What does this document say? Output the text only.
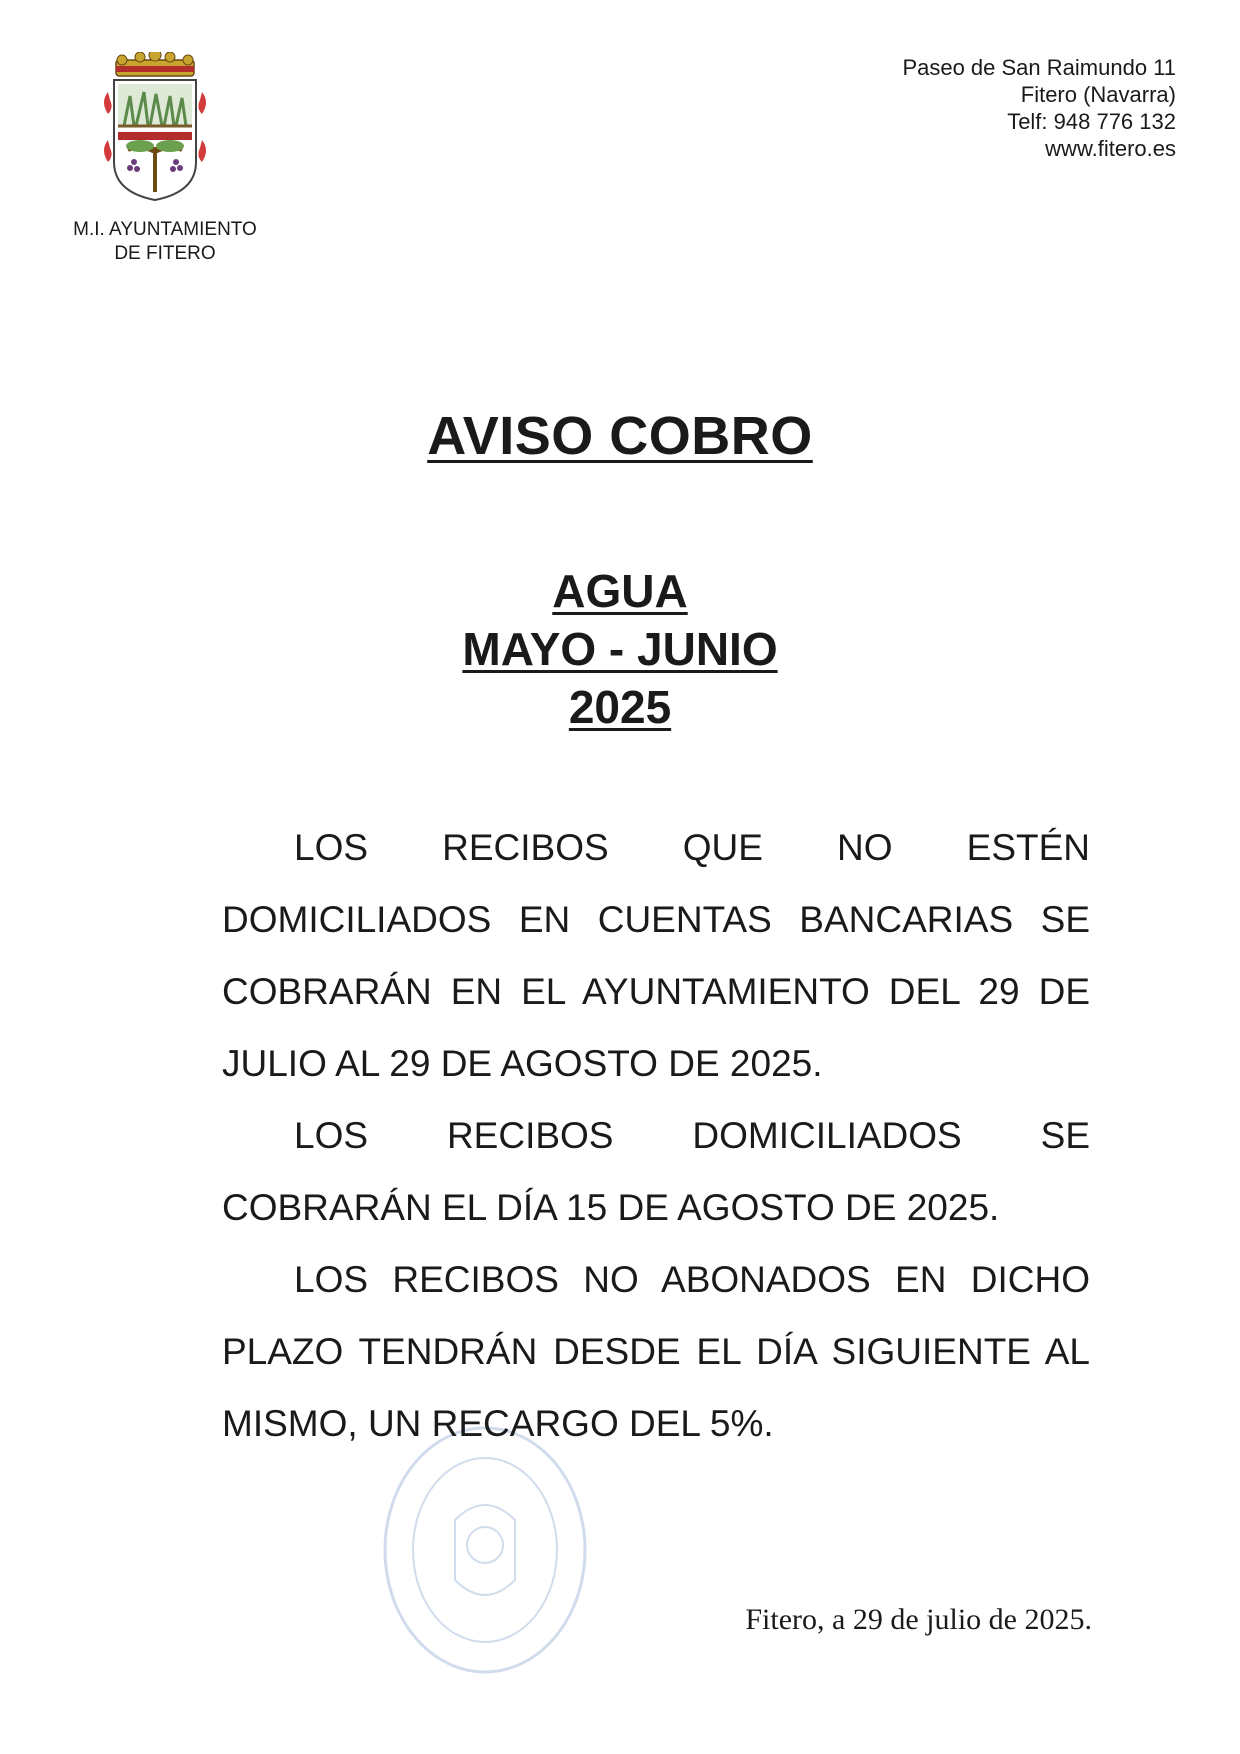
M.I. AYUNTAMIENTO
DE FITERO
Paseo de San Raimundo 11
Fitero (Navarra)
Telf: 948 776 132
www.fitero.es
AVISO COBRO
AGUA
MAYO - JUNIO
2025

LOS RECIBOS QUE NO ESTÉN DOMICILIADOS EN CUENTAS BANCARIAS SE COBRARÁN EN EL AYUNTAMIENTO DEL 29 DE JULIO AL 29 DE AGOSTO DE 2025.

LOS RECIBOS DOMICILIADOS SE COBRARÁN EL DÍA 15 DE AGOSTO DE 2025.

LOS RECIBOS NO ABONADOS EN DICHO PLAZO TENDRÁN DESDE EL DÍA SIGUIENTE AL MISMO, UN RECARGO DEL 5%.

Fitero, a 29 de julio de 2025.
